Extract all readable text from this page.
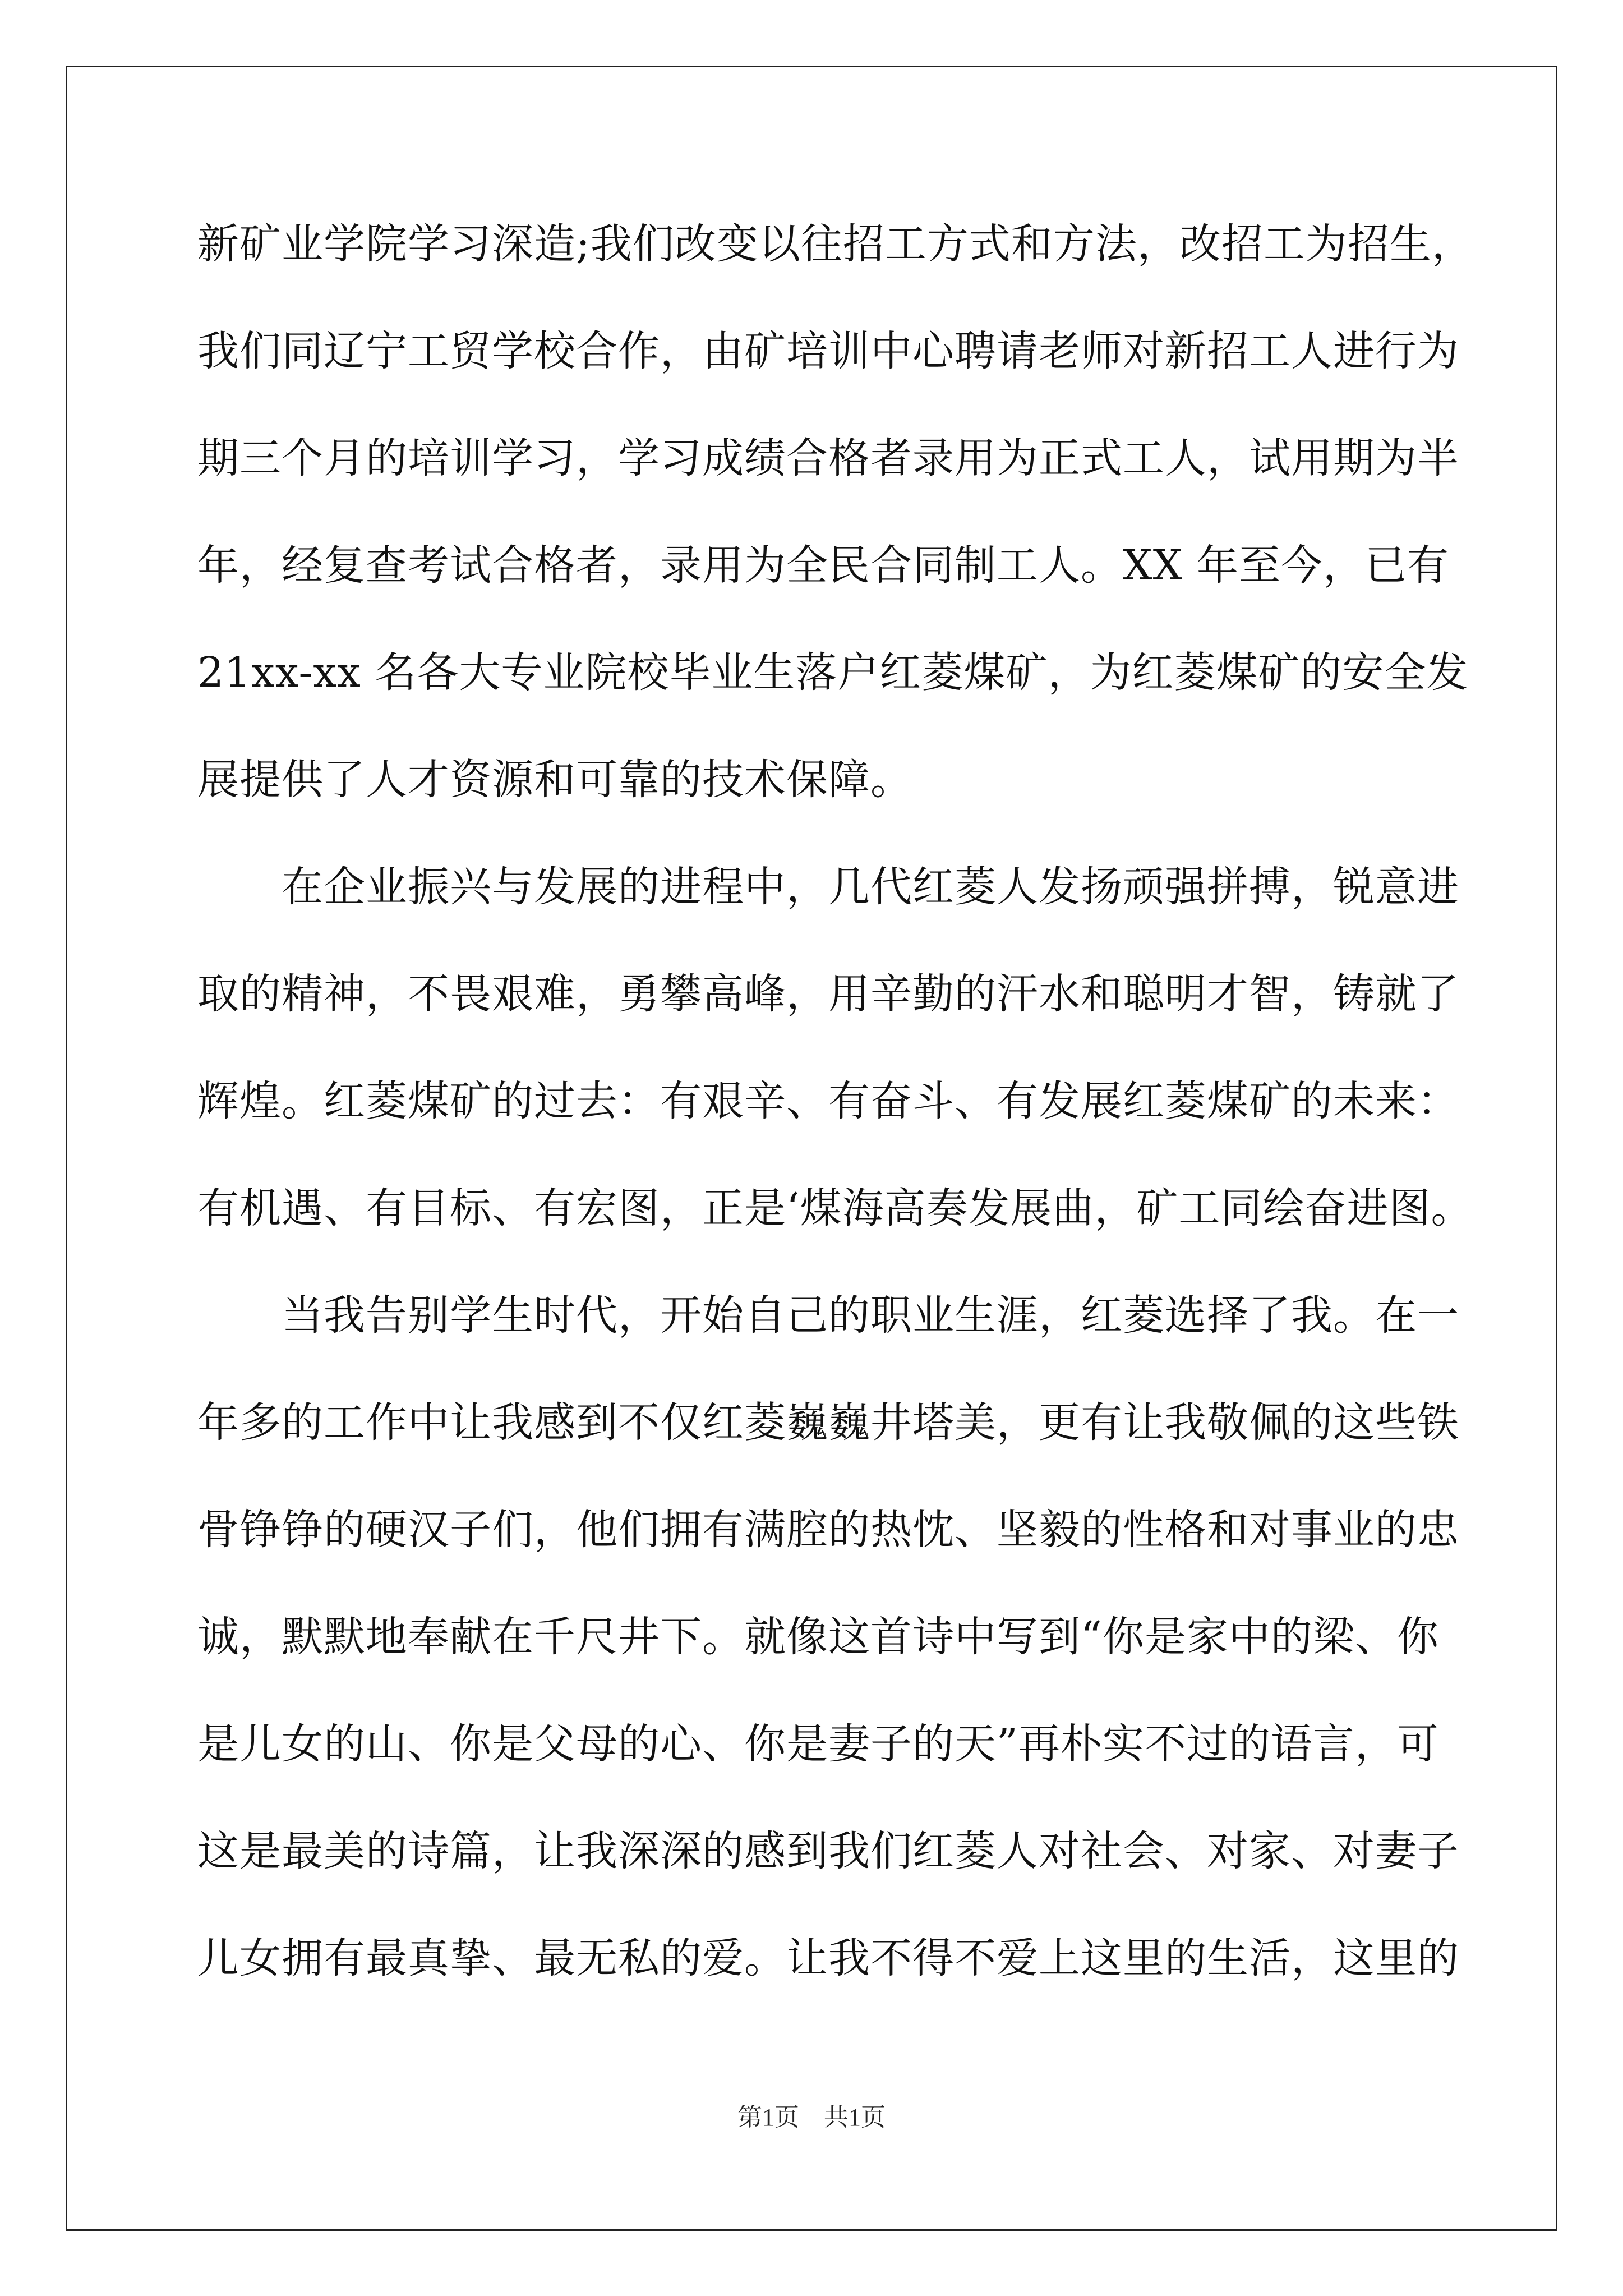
新矿业学院学习深造;我们改变以往招工方式和方法，改招工为招生，
我们同辽宁工贸学校合作，由矿培训中心聘请老师对新招工人进行为
期三个月的培训学习，学习成绩合格者录用为正式工人，试用期为半
年，经复查考试合格者，录用为全民合同制工人。XX 年至今，已有
21xx-xx 名各大专业院校毕业生落户红菱煤矿，为红菱煤矿的安全发
展提供了人才资源和可靠的技术保障。
在企业振兴与发展的进程中，几代红菱人发扬顽强拼搏，锐意进
取的精神，不畏艰难，勇攀高峰，用辛勤的汗水和聪明才智，铸就了
辉煌。红菱煤矿的过去：有艰辛、有奋斗、有发展红菱煤矿的未来：
有机遇、有目标、有宏图，正是‘煤海高奏发展曲，矿工同绘奋进图。
当我告别学生时代，开始自己的职业生涯，红菱选择了我。在一
年多的工作中让我感到不仅红菱巍巍井塔美，更有让我敬佩的这些铁
骨铮铮的硬汉子们，他们拥有满腔的热忱、坚毅的性格和对事业的忠
诚，默默地奉献在千尺井下。就像这首诗中写到“你是家中的梁、你
是儿女的山、你是父母的心、你是妻子的天”再朴实不过的语言，可
这是最美的诗篇，让我深深的感到我们红菱人对社会、对家、对妻子
儿女拥有最真挚、最无私的爱。让我不得不爱上这里的生活，这里的
第1页　共1页
